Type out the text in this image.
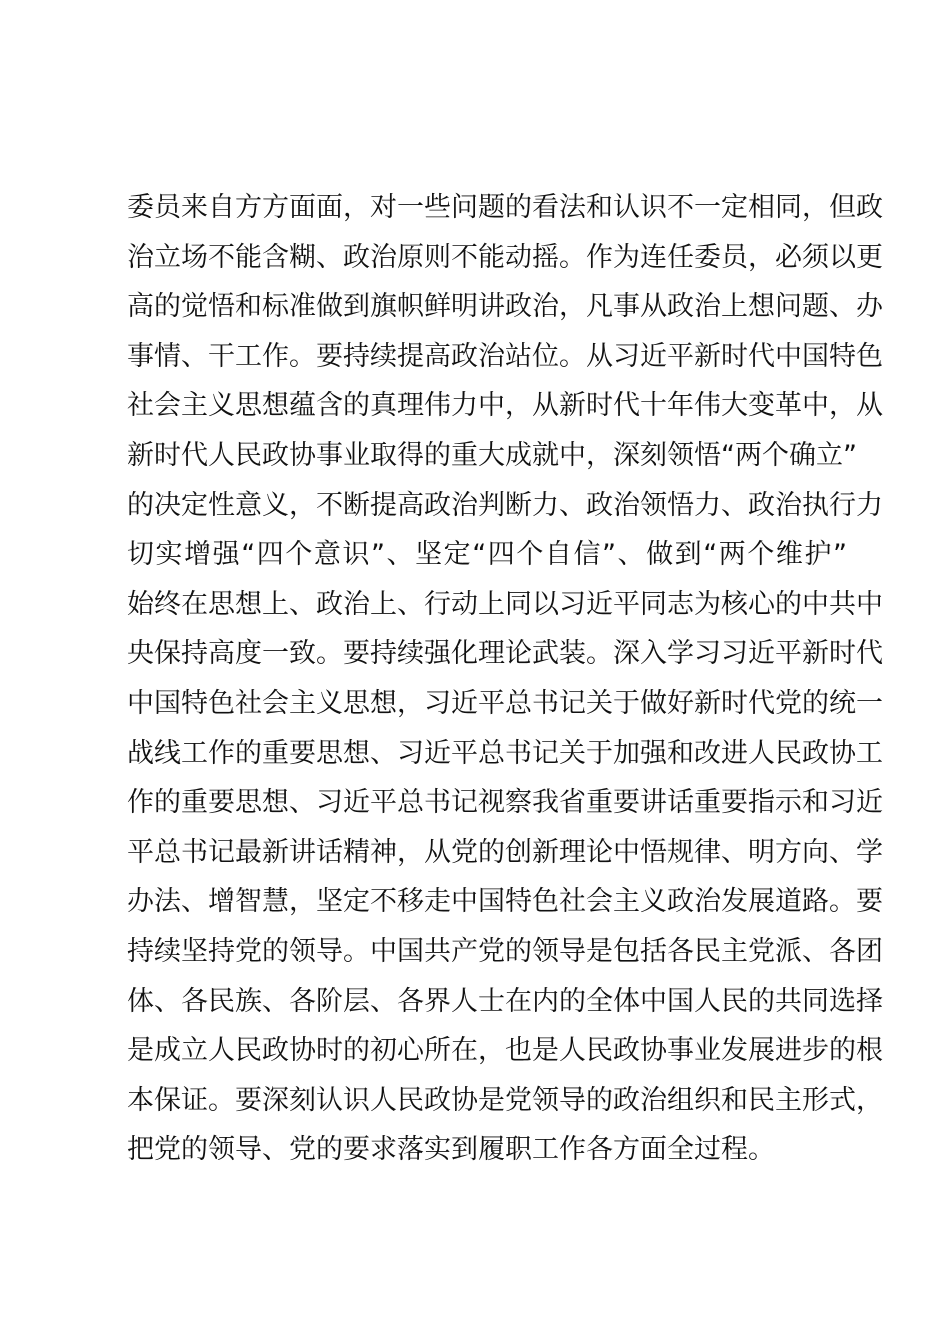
委员来自方方面面，对一些问题的看法和认识不一定相同，但政
治立场不能含糊、政治原则不能动摇。作为连任委员，必须以更
高的觉悟和标准做到旗帜鲜明讲政治，凡事从政治上想问题、办
事情、干工作。要持续提高政治站位。从习近平新时代中国特色
社会主义思想蕴含的真理伟力中，从新时代十年伟大变革中，从
新时代人民政协事业取得的重大成就中，深刻领悟“两个确立”
的决定性意义，不断提高政治判断力、政治领悟力、政治执行力
切实增强“四个意识”、坚定“四个自信”、做到“两个维护”
始终在思想上、政治上、行动上同以习近平同志为核心的中共中
央保持高度一致。要持续强化理论武装。深入学习习近平新时代
中国特色社会主义思想，习近平总书记关于做好新时代党的统一
战线工作的重要思想、习近平总书记关于加强和改进人民政协工
作的重要思想、习近平总书记视察我省重要讲话重要指示和习近
平总书记最新讲话精神，从党的创新理论中悟规律、明方向、学
办法、增智慧，坚定不移走中国特色社会主义政治发展道路。要
持续坚持党的领导。中国共产党的领导是包括各民主党派、各团
体、各民族、各阶层、各界人士在内的全体中国人民的共同选择
是成立人民政协时的初心所在，也是人民政协事业发展进步的根
本保证。要深刻认识人民政协是党领导的政治组织和民主形式，
把党的领导、党的要求落实到履职工作各方面全过程。
